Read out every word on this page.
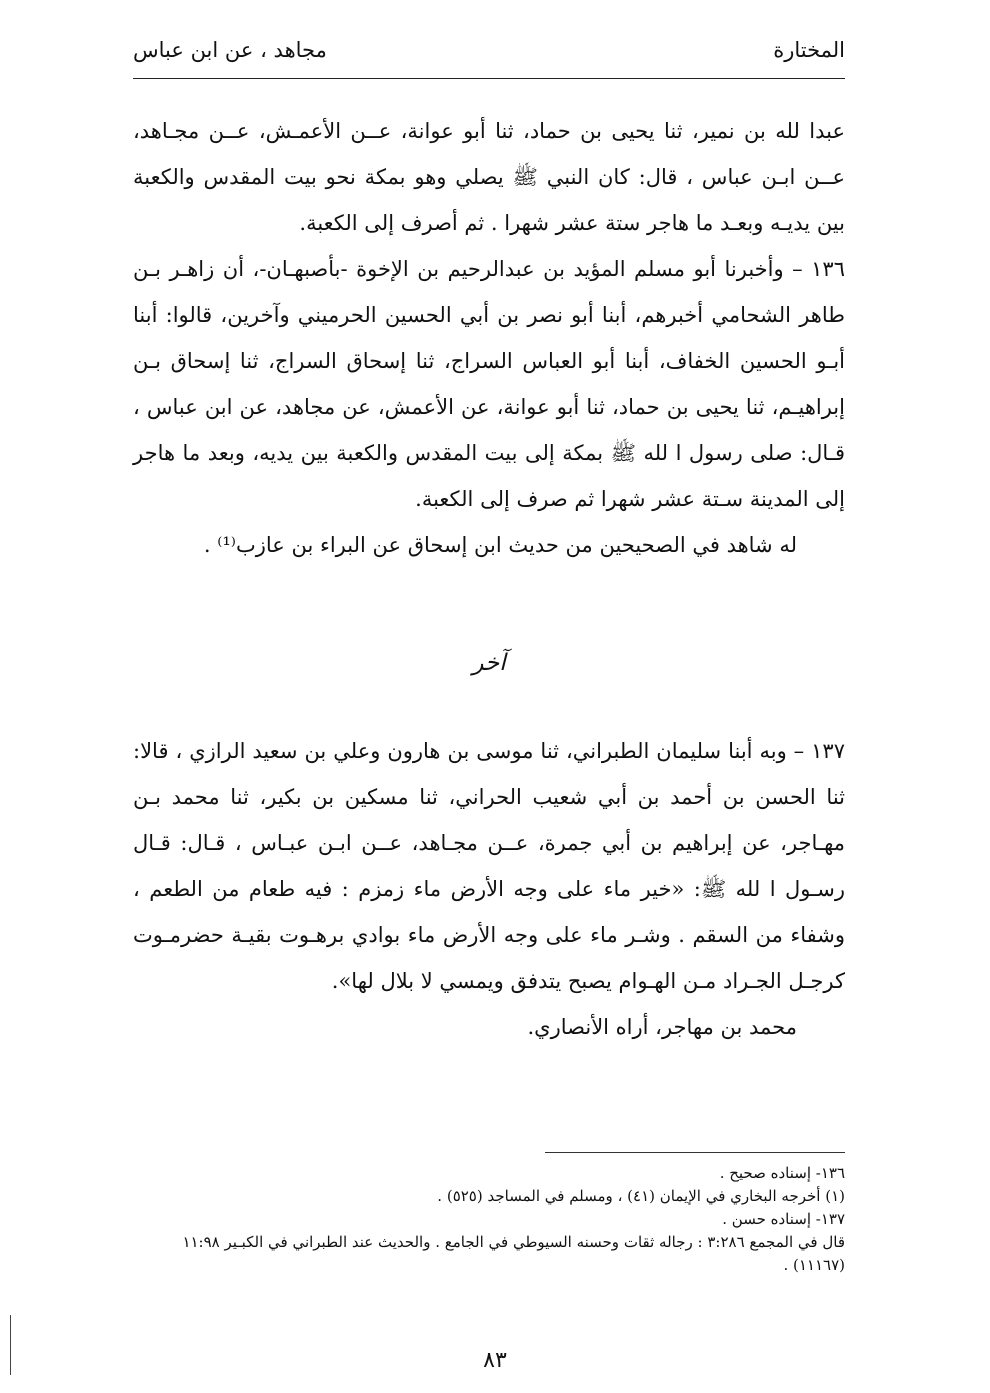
المختارة
مجاهد ، عن ابن عباس

عبدا لله بن نمير، ثنا يحيى بن حماد، ثنا أبو عوانة، عــن الأعمـش، عــن مجـاهد، عــن ابـن عباس ، قال: كان النبي ﷺ يصلي وهو بمكة نحو بيت المقدس والكعبة بين يديـه وبعـد ما هاجر ستة عشر شهرا . ثم أصرف إلى الكعبة.

١٣٦ – وأخبرنا أبو مسلم المؤيد بن عبدالرحيم بن الإخوة -بأصبهـان-، أن زاهـر بـن طاهر الشحامي أخبرهم، أبنا أبو نصر بن أبي الحسين الحرميني وآخرين، قالوا: أبنا أبـو الحسين الخفاف، أبنا أبو العباس السراج، ثنا إسحاق السراج، ثنا إسحاق بـن إبراهيـم، ثنا يحيى بن حماد، ثنا أبو عوانة، عن الأعمش، عن مجاهد، عن ابن عباس ، قـال: صلى رسول ا لله ﷺ بمكة إلى بيت المقدس والكعبة بين يديه، وبعد ما هاجر إلى المدينة سـتة عشر شهرا ثم صرف إلى الكعبة.

له شاهد في الصحيحين من حديث ابن إسحاق عن البراء بن عازب⁽¹⁾ .

آخر

١٣٧ – وبه أبنا سليمان الطبراني، ثنا موسى بن هارون وعلي بن سعيد الرازي ، قالا: ثنا الحسن بن أحمد بن أبي شعيب الحراني، ثنا مسكين بن بكير، ثنا محمد بـن مهـاجر، عن إبراهيم بن أبي جمرة، عــن مجـاهد، عــن ابـن عبـاس ، قـال: قـال رسـول ا لله ﷺ: «خير ماء على وجه الأرض ماء زمزم : فيه طعام من الطعم ، وشفاء من السقم . وشـر ماء على وجه الأرض ماء بوادي برهـوت بقيـة حضرمـوت كرجـل الجـراد مـن الهـوام يصبح يتدفق ويمسي لا بلال لها».

محمد بن مهاجر، أراه الأنصاري.

١٣٦- إسناده صحيح .

(١) أخرجه البخاري في الإيمان (٤١) ، ومسلم في المساجد (٥٢٥) .

١٣٧- إسناده حسن .

قال في المجمع ٣:٢٨٦ : رجاله ثقات وحسنه السيوطي في الجامع . والحديث عند الطبراني في الكبـير ١١:٩٨ (١١١٦٧) .

٨٣
